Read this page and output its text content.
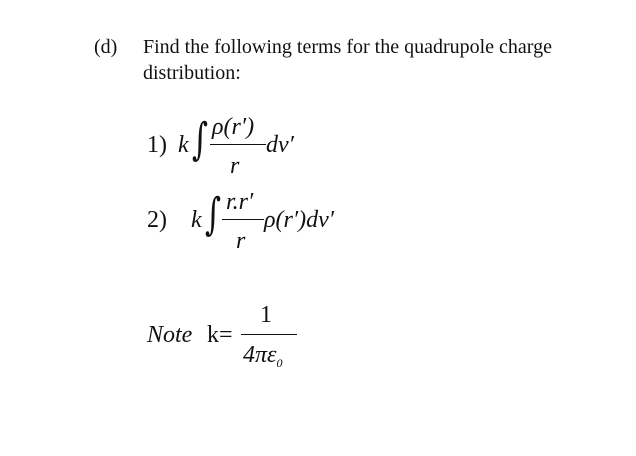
(d) Find the following terms for the quadrupole charge
distribution:
1) k ∫ ρ(r′)
r
dv′
2) k ∫ r.r′
r
ρ(r′)dv′
Note k=
1
$4\pi\varepsilon_0$
